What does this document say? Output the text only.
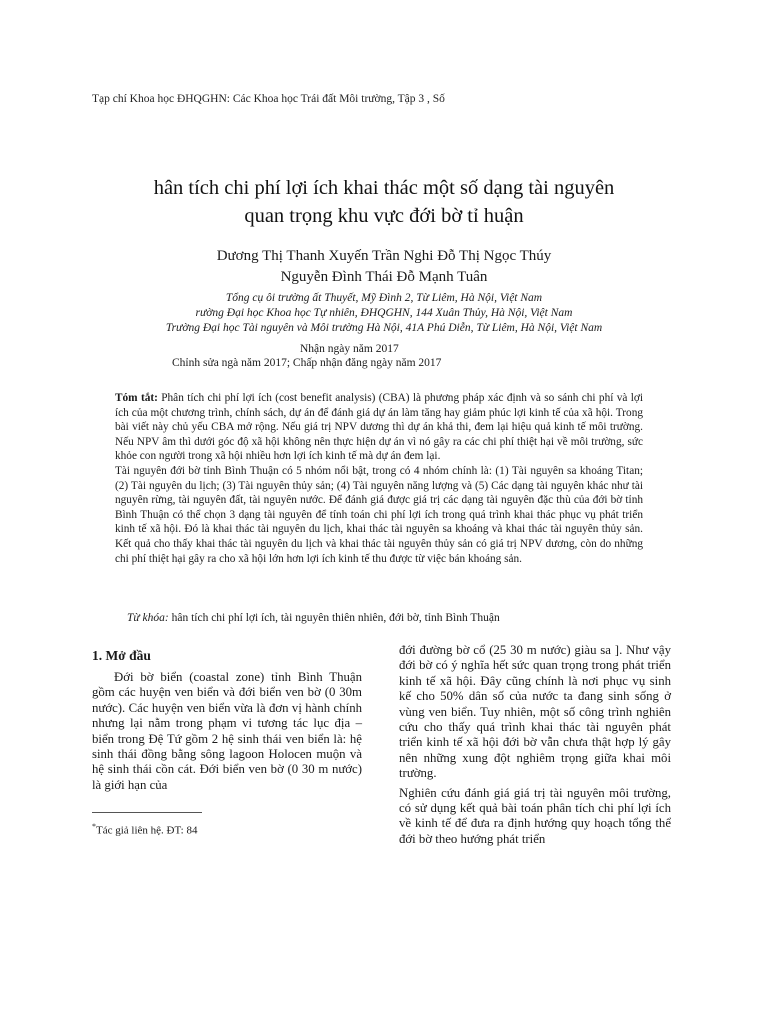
Tạp chí Khoa học ĐHQGHN: Các Khoa học Trái đất Môi trường, Tập 3 , Số
hân tích chi phí lợi ích khai thác một số dạng tài nguyên
quan trọng khu vực đới bờ tỉ huận
Dương Thị Thanh Xuyến Trần Nghi Đỗ Thị Ngọc Thúy
Nguyễn Đình Thái Đỗ Mạnh Tuân
Tổng cụ ôi trường ất Thuyết, Mỹ Đình 2, Từ Liêm, Hà Nội, Việt Nam
rường Đại học Khoa học Tự nhiên, ĐHQGHN, 144 Xuân Thủy, Hà Nội, Việt Nam
Trường Đại học Tài nguyên và Môi trường Hà Nội, 41A Phú Diễn, Từ Liêm, Hà Nội, Việt Nam
Nhận ngày năm 2017
Chỉnh sửa ngà năm 2017; Chấp nhận đăng ngày năm 2017

Tóm tắt: Phân tích chi phí lợi ích (cost benefit analysis) (CBA) là phương pháp xác định và so sánh chi phí và lợi ích của một chương trình, chính sách, dự án để đánh giá dự án làm tăng hay giảm phúc lợi kinh tế của xã hội. Trong bài viết này chủ yếu CBA mở rộng. Nếu giá trị NPV dương thì dự án khả thi, đem lại hiệu quả kinh tế môi trường. Nếu NPV âm thì dưới góc độ xã hội không nên thực hiện dự án vì nó gây ra các chi phí thiệt hại về môi trường, sức khỏe con người trong xã hội nhiều hơn lợi ích kinh tế mà dự án đem lại.

Tài nguyên đới bờ tỉnh Bình Thuận có 5 nhóm nổi bật, trong có 4 nhóm chính là: (1) Tài nguyên sa khoáng Titan; (2) Tài nguyên du lịch; (3) Tài nguyên thủy sản; (4) Tài nguyên năng lượng và (5) Các dạng tài nguyên khác như tài nguyên rừng, tài nguyên đất, tài nguyên nước. Để đánh giá được giá trị các dạng tài nguyên đặc thù của đới bờ tỉnh Bình Thuận có thể chọn 3 dạng tài nguyên để tính toán chi phí lợi ích trong quá trình khai thác phục vụ phát triển kinh tế xã hội. Đó là khai thác tài nguyên du lịch, khai thác tài nguyên sa khoáng và khai thác tài nguyên thủy sản. Kết quả cho thấy khai thác tài nguyên du lịch và khai thác tài nguyên thủy sản có giá trị NPV dương, còn do những chi phí thiệt hại gây ra cho xã hội lớn hơn lợi ích kinh tế thu được từ việc bán khoáng sản.

Từ khóa: hân tích chi phí lợi ích, tài nguyên thiên nhiên, đới bờ, tỉnh Bình Thuận
1. Mở đầu

Đới bờ biển (coastal zone) tỉnh Bình Thuận gồm các huyện ven biển và đới biển ven bờ (0 30m nước). Các huyện ven biển vừa là đơn vị hành chính nhưng lại nằm trong phạm vi tương tác lục địa – biển trong Đệ Tứ gồm 2 hệ sinh thái ven biển là: hệ sinh thái đồng bằng sông lagoon Holocen muộn và hệ sinh thái cồn cát. Đới biển ven bờ (0 30 m nước) là giới hạn của

*Tác giả liên hệ. ĐT: 84

đới đường bờ cổ (25 30 m nước) giàu sa ]. Như vậy đới bờ có ý nghĩa hết sức quan trọng trong phát triển kinh tế xã hội. Đây cũng chính là nơi phục vụ sinh kế cho 50% dân số của nước ta đang sinh sống ở vùng ven biển. Tuy nhiên, một số công trình nghiên cứu cho thấy quá trình khai thác tài nguyên phát triển kinh tế xã hội đới bờ vẫn chưa thật hợp lý gây nên những xung đột nghiêm trọng giữa khai môi trường.

Nghiên cứu đánh giá giá trị tài nguyên môi trường, có sử dụng kết quả bài toán phân tích chi phí lợi ích về kinh tế để đưa ra định hướng quy hoạch tổng thể đới bờ theo hướng phát triển
